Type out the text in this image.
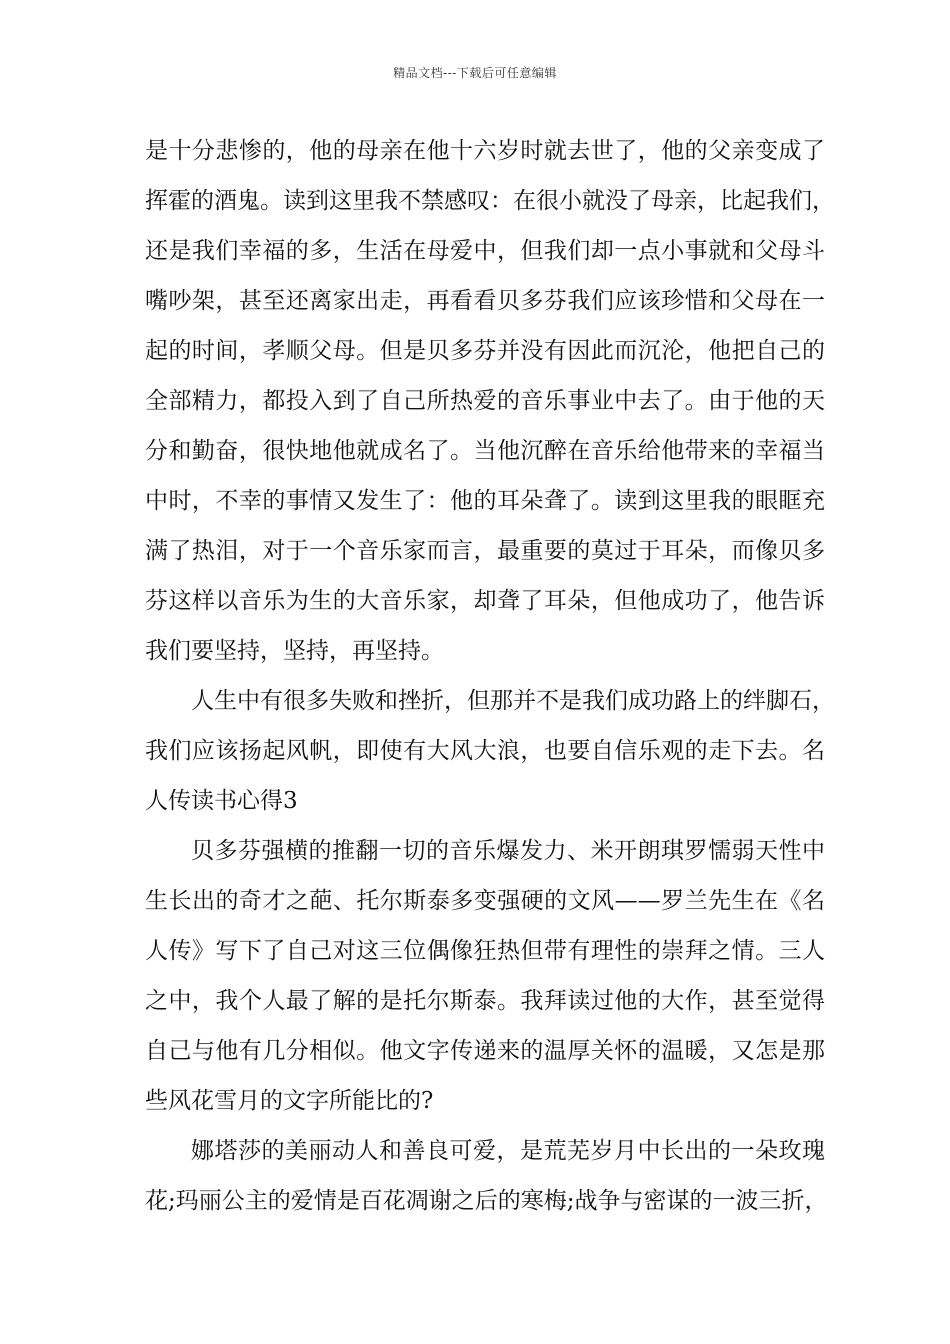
精品文档---下载后可任意编辑
是十分悲惨的，他的母亲在他十六岁时就去世了，他的父亲变成了
挥霍的酒鬼。读到这里我不禁感叹：在很小就没了母亲，比起我们，
还是我们幸福的多，生活在母爱中，但我们却一点小事就和父母斗
嘴吵架，甚至还离家出走，再看看贝多芬我们应该珍惜和父母在一
起的时间，孝顺父母。但是贝多芬并没有因此而沉沦，他把自己的
全部精力，都投入到了自己所热爱的音乐事业中去了。由于他的天
分和勤奋，很快地他就成名了。当他沉醉在音乐给他带来的幸福当
中时，不幸的事情又发生了：他的耳朵聋了。读到这里我的眼眶充
满了热泪，对于一个音乐家而言，最重要的莫过于耳朵，而像贝多
芬这样以音乐为生的大音乐家，却聋了耳朵，但他成功了，他告诉
我们要坚持，坚持，再坚持。
人生中有很多失败和挫折，但那并不是我们成功路上的绊脚石，
我们应该扬起风帆，即使有大风大浪，也要自信乐观的走下去。名
人传读书心得3
贝多芬强横的推翻一切的音乐爆发力、米开朗琪罗懦弱天性中
生长出的奇才之葩、托尔斯泰多变强硬的文风——罗兰先生在《名
人传》写下了自己对这三位偶像狂热但带有理性的崇拜之情。三人
之中，我个人最了解的是托尔斯泰。我拜读过他的大作，甚至觉得
自己与他有几分相似。他文字传递来的温厚关怀的温暖，又怎是那
些风花雪月的文字所能比的?
娜塔莎的美丽动人和善良可爱，是荒芜岁月中长出的一朵玫瑰
花;玛丽公主的爱情是百花凋谢之后的寒梅;战争与密谋的一波三折，
